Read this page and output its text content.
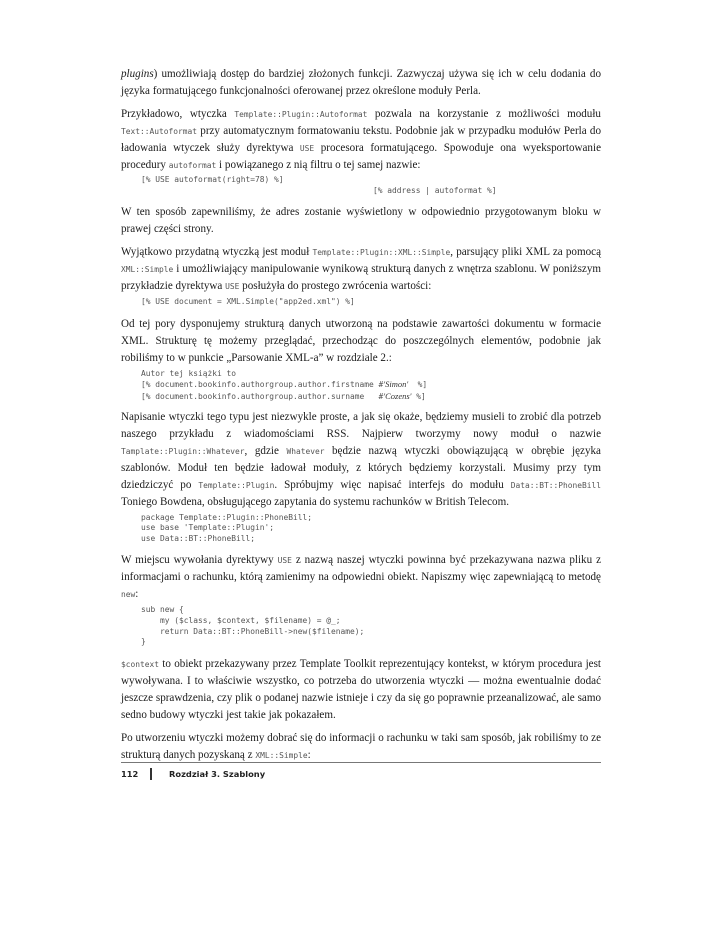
plugins) umożliwiają dostęp do bardziej złożonych funkcji. Zazwyczaj używa się ich w celu dodania do języka formatującego funkcjonalności oferowanej przez określone moduły Perla.

Przykładowo, wtyczka Template::Plugin::Autoformat pozwala na korzystanie z możliwości modułu Text::Autoformat przy automatycznym formatowaniu tekstu. Podobnie jak w przypadku modułów Perla do ładowania wtyczek służy dyrektywa USE procesora formatującego. Spowoduje ona wyeksportowanie procedury autoformat i powiązanego z nią filtru o tej samej nazwie:

[% USE autoformat(right=78) %]
[% address | autoformat %]

W ten sposób zapewniliśmy, że adres zostanie wyświetlony w odpowiednio przygotowanym bloku w prawej części strony.

Wyjątkowo przydatną wtyczką jest moduł Template::Plugin::XML::Simple, parsujący pliki XML za pomocą XML::Simple i umożliwiający manipulowanie wynikową strukturą danych z wnętrza szablonu. W poniższym przykładzie dyrektywa USE posłużyła do prostego zwrócenia wartości:

[% USE document = XML.Simple("app2ed.xml") %]

Od tej pory dysponujemy strukturą danych utworzoną na podstawie zawartości dokumentu w formacie XML. Strukturę tę możemy przeglądać, przechodząc do poszczególnych elementów, podobnie jak robiliśmy to w punkcie „Parsowanie XML-a” w rozdziale 2.:

Autor tej książki to
[% document.bookinfo.authorgroup.author.firstname #'Simon'  %]
[% document.bookinfo.authorgroup.author.surname   #'Cozens' %]

Napisanie wtyczki tego typu jest niezwykle proste, a jak się okaże, będziemy musieli to zrobić dla potrzeb naszego przykładu z wiadomościami RSS. Najpierw tworzymy nowy moduł o nazwie Tamplate::Plugin::Whatever, gdzie Whatever będzie nazwą wtyczki obowiązującą w obrębie języka szablonów. Moduł ten będzie ładował moduły, z których będziemy korzystali. Musimy przy tym dziedziczyć po Template::Plugin. Spróbujmy więc napisać interfejs do modułu Data::BT::PhoneBill Toniego Bowdena, obsługującego zapytania do systemu rachunków w British Telecom.

package Template::Plugin::PhoneBill;
use base 'Template::Plugin';
use Data::BT::PhoneBill;

W miejscu wywołania dyrektywy USE z nazwą naszej wtyczki powinna być przekazywana nazwa pliku z informacjami o rachunku, którą zamienimy na odpowiedni obiekt. Napiszmy więc zapewniającą to metodę new:

sub new {
my ($class, $context, $filename) = @_;
return Data::BT::PhoneBill->new($filename);
}

$context to obiekt przekazywany przez Template Toolkit reprezentujący kontekst, w którym procedura jest wywoływana. I to właściwie wszystko, co potrzeba do utworzenia wtyczki — można ewentualnie dodać jeszcze sprawdzenia, czy plik o podanej nazwie istnieje i czy da się go poprawnie przeanalizować, ale samo sedno budowy wtyczki jest takie jak pokazałem.

Po utworzeniu wtyczki możemy dobrać się do informacji o rachunku w taki sam sposób, jak robiliśmy to ze strukturą danych pozyskaną z XML::Simple:

112	Rozdział 3. Szablony
